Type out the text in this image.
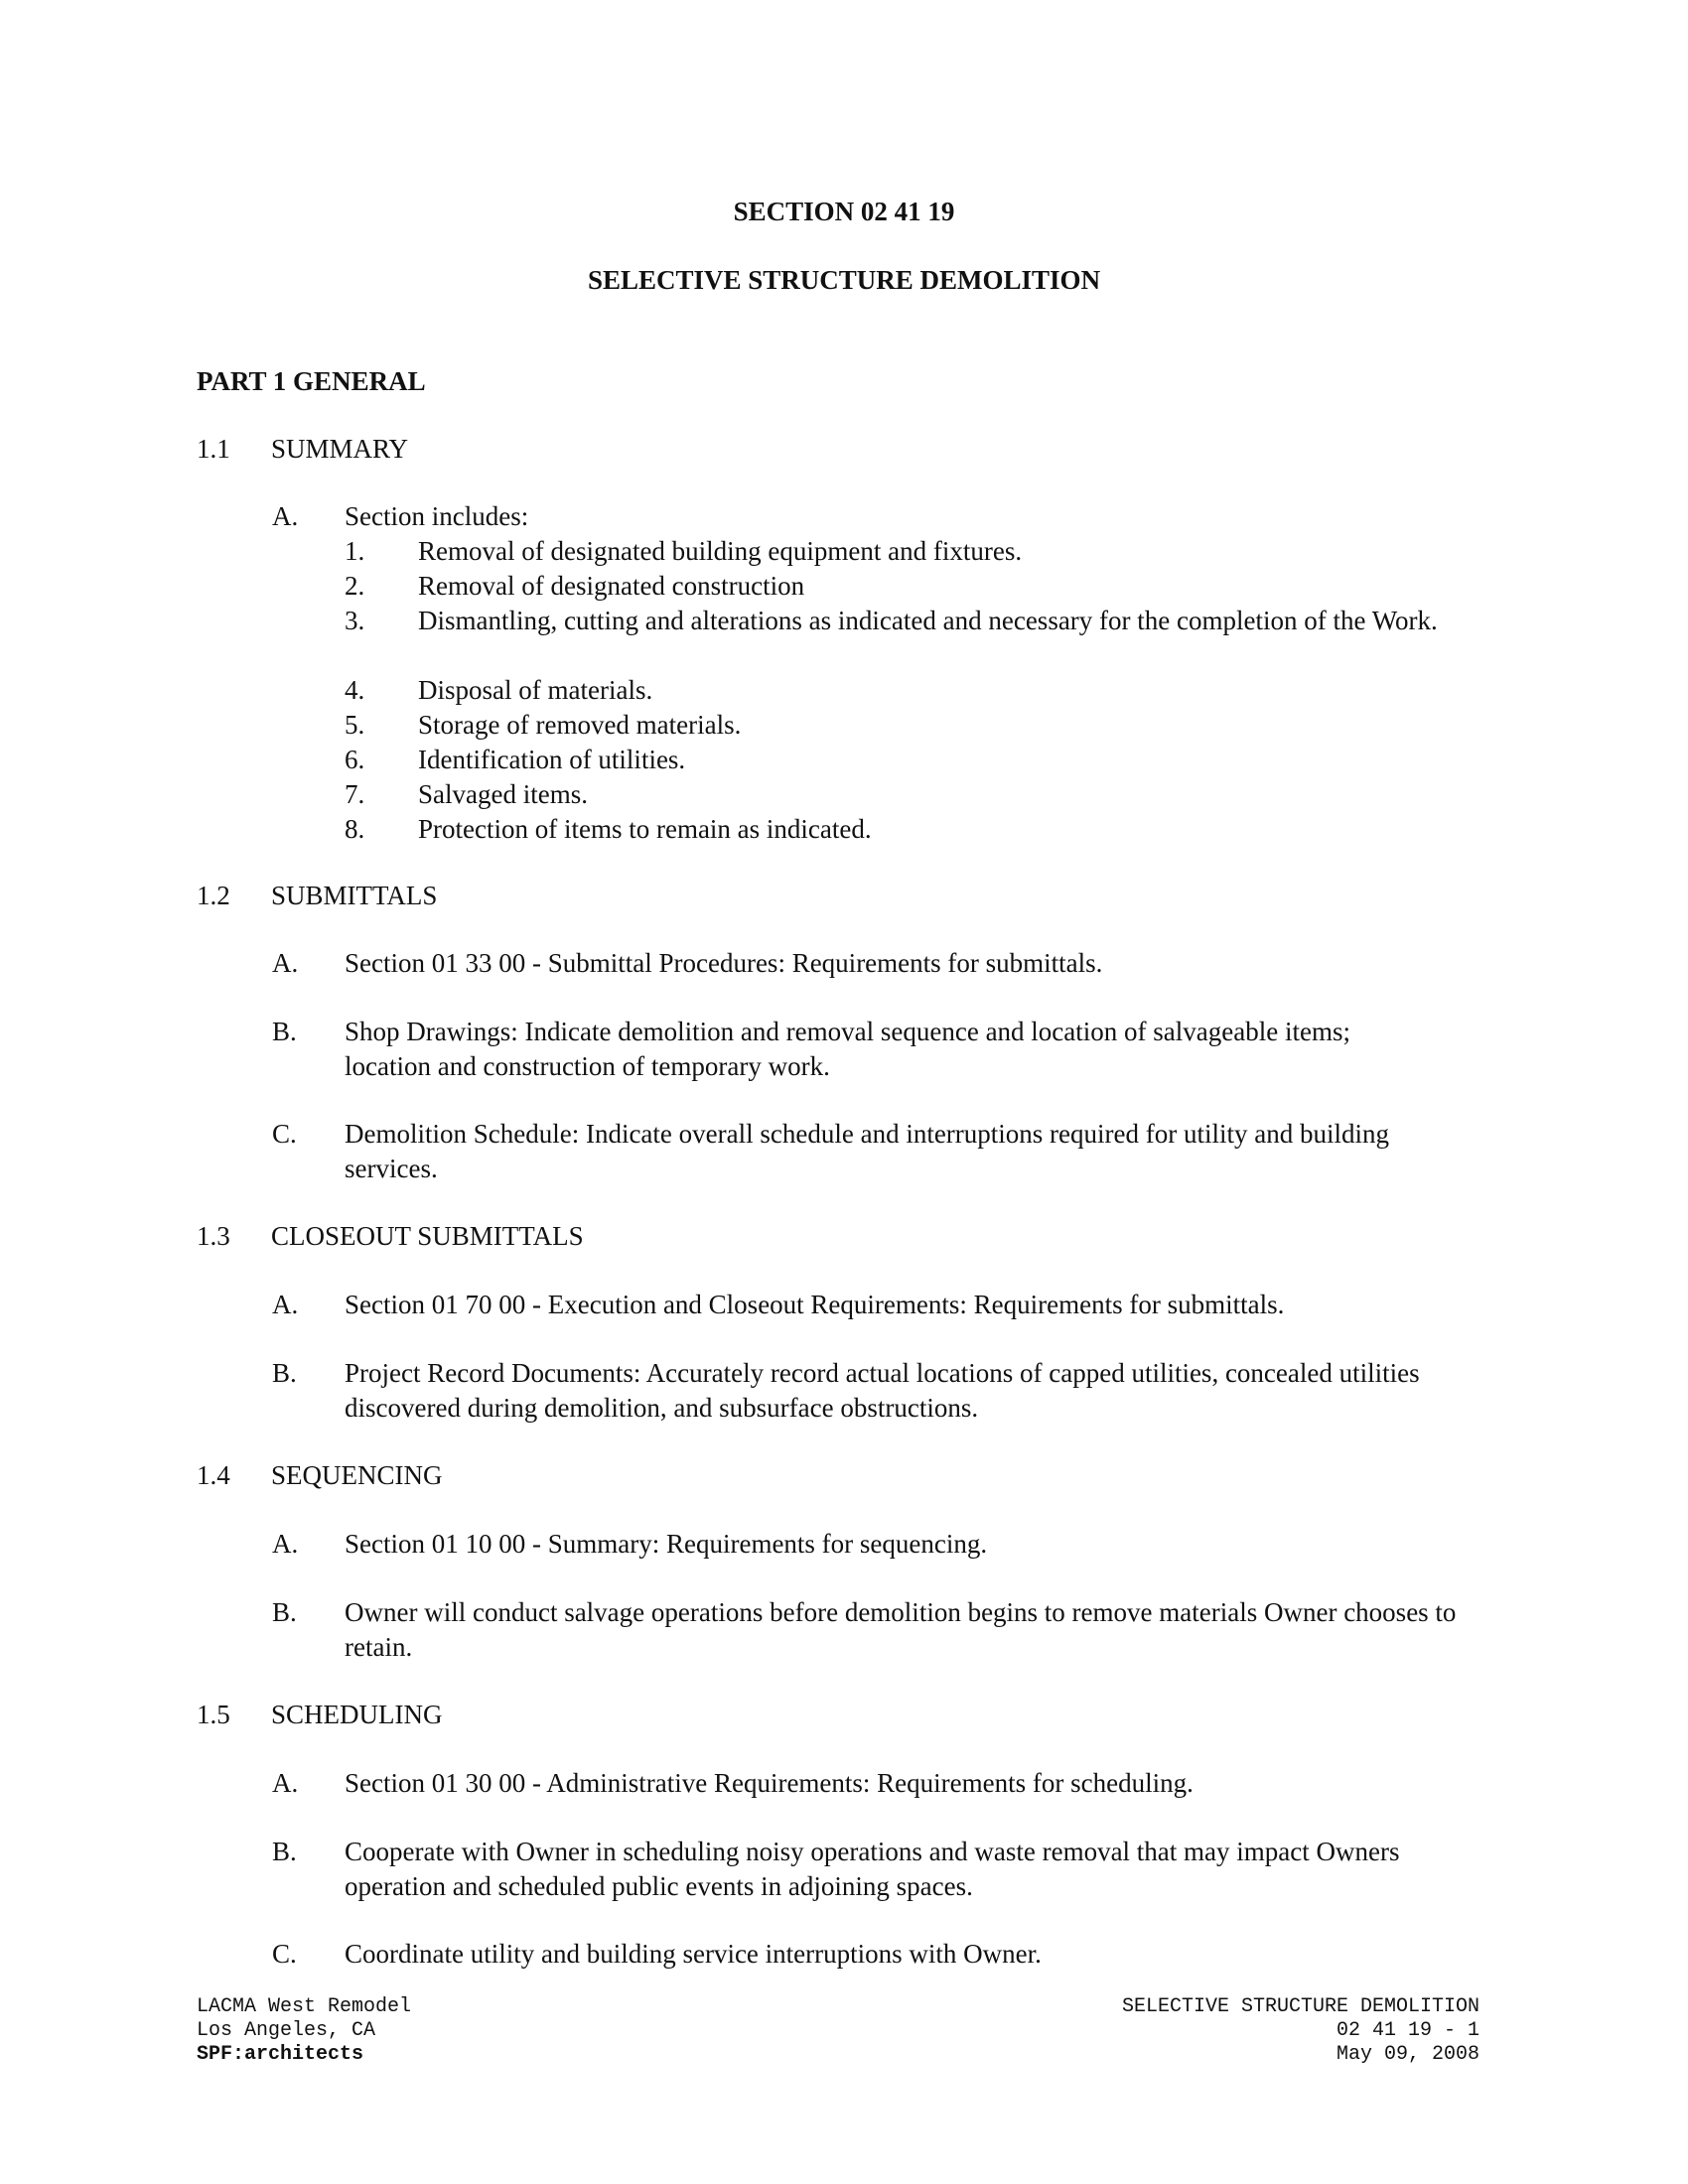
SECTION 02 41 19
SELECTIVE STRUCTURE DEMOLITION
PART 1 GENERAL
1.1 SUMMARY
A. Section includes:
1. Removal of designated building equipment and fixtures.
2. Removal of designated construction
3. Dismantling, cutting and alterations as indicated and necessary for the completion of the Work.
4. Disposal of materials.
5. Storage of removed materials.
6. Identification of utilities.
7. Salvaged items.
8. Protection of items to remain as indicated.
1.2 SUBMITTALS
A. Section 01 33 00 - Submittal Procedures: Requirements for submittals.
B. Shop Drawings: Indicate demolition and removal sequence and location of salvageable items; location and construction of temporary work.
C. Demolition Schedule: Indicate overall schedule and interruptions required for utility and building services.
1.3 CLOSEOUT SUBMITTALS
A. Section 01 70 00 - Execution and Closeout Requirements: Requirements for submittals.
B. Project Record Documents: Accurately record actual locations of capped utilities, concealed utilities discovered during demolition, and subsurface obstructions.
1.4 SEQUENCING
A. Section 01 10 00 - Summary: Requirements for sequencing.
B. Owner will conduct salvage operations before demolition begins to remove materials Owner chooses to retain.
1.5 SCHEDULING
A. Section 01 30 00 - Administrative Requirements: Requirements for scheduling.
B. Cooperate with Owner in scheduling noisy operations and waste removal that may impact Owners operation and scheduled public events in adjoining spaces.
C. Coordinate utility and building service interruptions with Owner.
LACMA West Remodel
Los Angeles, CA
SPF:architects
SELECTIVE STRUCTURE DEMOLITION
02 41 19 - 1
May 09, 2008
